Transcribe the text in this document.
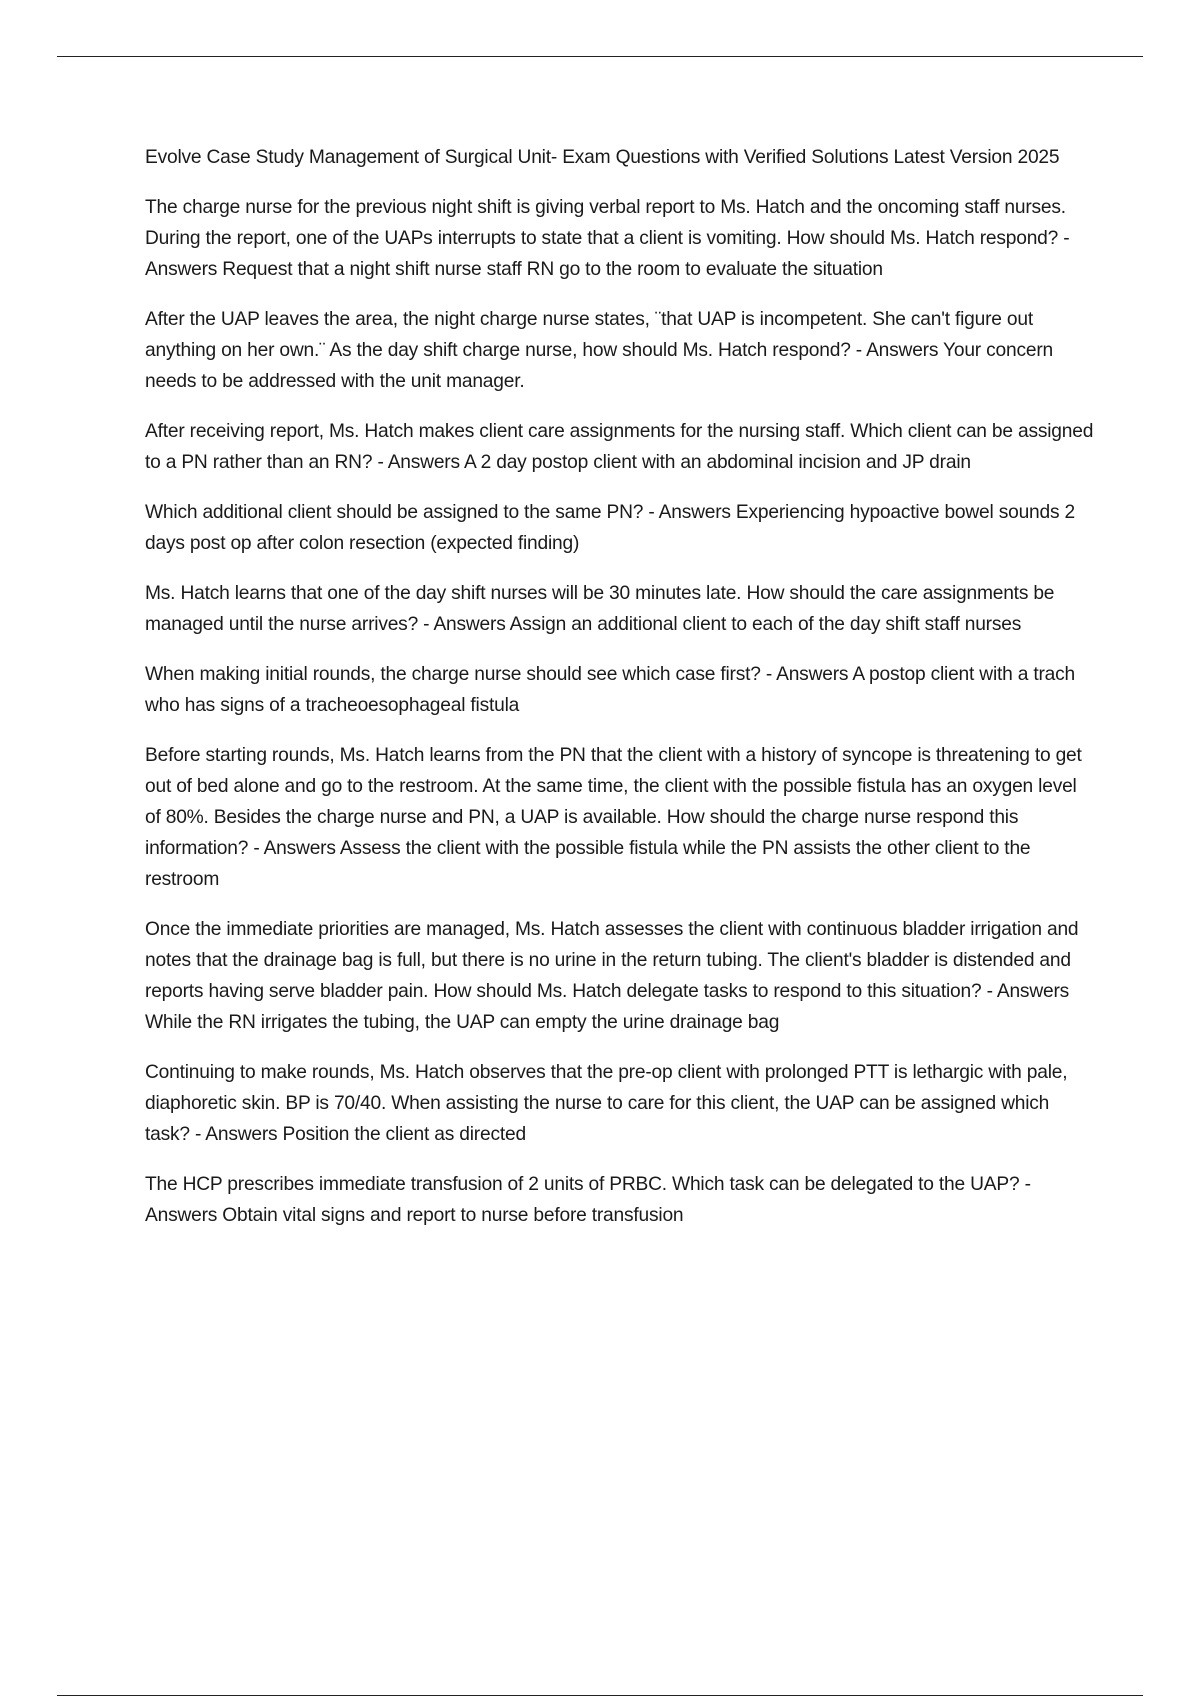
Evolve Case Study Management of Surgical Unit- Exam Questions with Verified Solutions Latest Version 2025

The charge nurse for the previous night shift is giving verbal report to Ms. Hatch and the oncoming staff nurses. During the report, one of the UAPs interrupts to state that a client is vomiting. How should Ms. Hatch respond? - Answers Request that a night shift nurse staff RN go to the room to evaluate the situation

After the UAP leaves the area, the night charge nurse states, ¨that UAP is incompetent. She can't figure out anything on her own.¨ As the day shift charge nurse, how should Ms. Hatch respond? - Answers Your concern needs to be addressed with the unit manager.

After receiving report, Ms. Hatch makes client care assignments for the nursing staff. Which client can be assigned to a PN rather than an RN? - Answers A 2 day postop client with an abdominal incision and JP drain

Which additional client should be assigned to the same PN? - Answers Experiencing hypoactive bowel sounds 2 days post op after colon resection (expected finding)

Ms. Hatch learns that one of the day shift nurses will be 30 minutes late. How should the care assignments be managed until the nurse arrives? - Answers Assign an additional client to each of the day shift staff nurses

When making initial rounds, the charge nurse should see which case first? - Answers A postop client with a trach who has signs of a tracheoesophageal fistula

Before starting rounds, Ms. Hatch learns from the PN that the client with a history of syncope is threatening to get out of bed alone and go to the restroom. At the same time, the client with the possible fistula has an oxygen level of 80%. Besides the charge nurse and PN, a UAP is available. How should the charge nurse respond this information? - Answers Assess the client with the possible fistula while the PN assists the other client to the restroom

Once the immediate priorities are managed, Ms. Hatch assesses the client with continuous bladder irrigation and notes that the drainage bag is full, but there is no urine in the return tubing. The client's bladder is distended and reports having serve bladder pain. How should Ms. Hatch delegate tasks to respond to this situation? - Answers While the RN irrigates the tubing, the UAP can empty the urine drainage bag

Continuing to make rounds, Ms. Hatch observes that the pre-op client with prolonged PTT is lethargic with pale, diaphoretic skin. BP is 70/40. When assisting the nurse to care for this client, the UAP can be assigned which task? - Answers Position the client as directed

The HCP prescribes immediate transfusion of 2 units of PRBC. Which task can be delegated to the UAP? - Answers Obtain vital signs and report to nurse before transfusion
